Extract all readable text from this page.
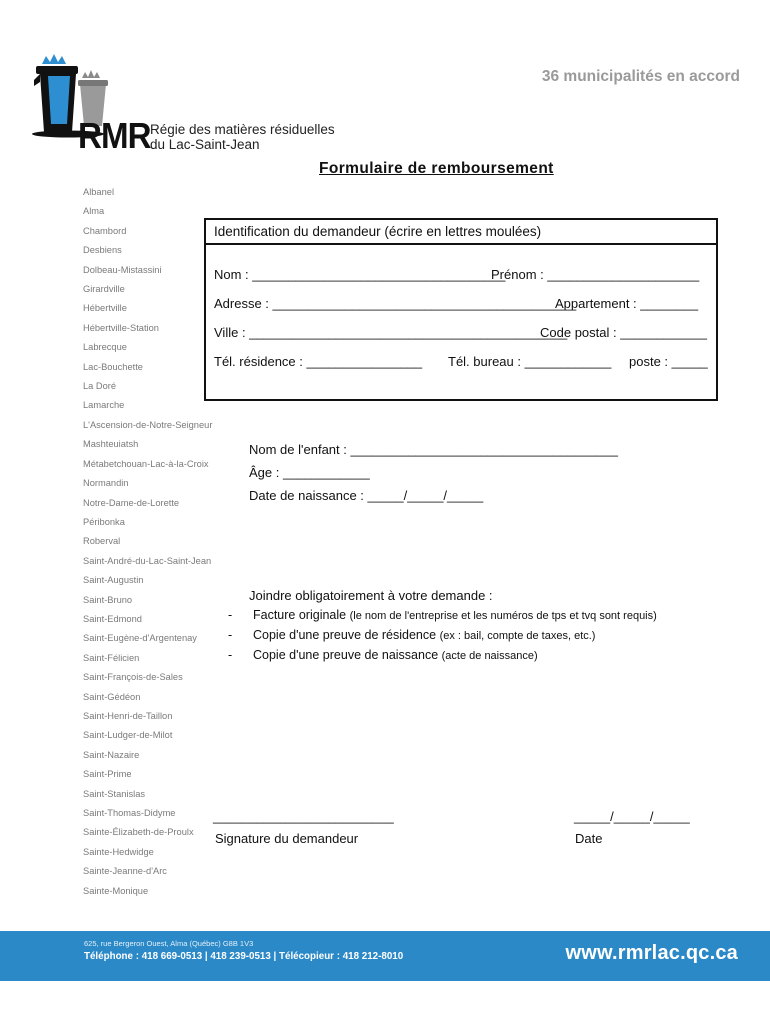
RMR Régie des matières résiduelles
du Lac-Saint-Jean
36 municipalités en accord
Formulaire de remboursement
Albanel
Alma
Chambord
Desbiens
Dolbeau-Mistassini
Girardville
Hébertville
Hébertville-Station
Labrecque
Lac-Bouchette
La Doré
Lamarche
L'Ascension-de-Notre-Seigneur
Mashteuiatsh
Métabetchouan-Lac-à-la-Croix
Normandin
Notre-Dame-de-Lorette
Péribonka
Roberval
Saint-André-du-Lac-Saint-Jean
Saint-Augustin
Saint-Bruno
Saint-Edmond
Saint-Eugène-d'Argentenay
Saint-Félicien
Saint-François-de-Sales
Saint-Gédéon
Saint-Henri-de-Taillon
Saint-Ludger-de-Milot
Saint-Nazaire
Saint-Prime
Saint-Stanislas
Saint-Thomas-Didyme
Sainte-Élizabeth-de-Proulx
Sainte-Hedwidge
Sainte-Jeanne-d'Arc
Sainte-Monique
Identification du demandeur (écrire en lettres moulées)
Nom : ___________________________________
Prénom : _____________________
Adresse : __________________________________________
Appartement : ________
Ville : ____________________________________________
Code postal : ____________
Tél. résidence : ________________ Tél. bureau : ____________ poste : _____
Nom de l'enfant : _____________________________________
Âge : ____________
Date de naissance : _____/_____/_____
Joindre obligatoirement à votre demande :
- Facture originale (le nom de l'entreprise et les numéros de tps et tvq sont requis)
- Copie d'une preuve de résidence (ex : bail, compte de taxes, etc.)
- Copie d'une preuve de naissance (acte de naissance)
_________________________
Signature du demandeur
_____/_____/_____
Date
625, rue Bergeron Ouest, Alma (Québec) G8B 1V3
Téléphone : 418 669-0513 | 418 239-0513 | Télécopieur : 418 212-8010	www.rmrlac.qc.ca
